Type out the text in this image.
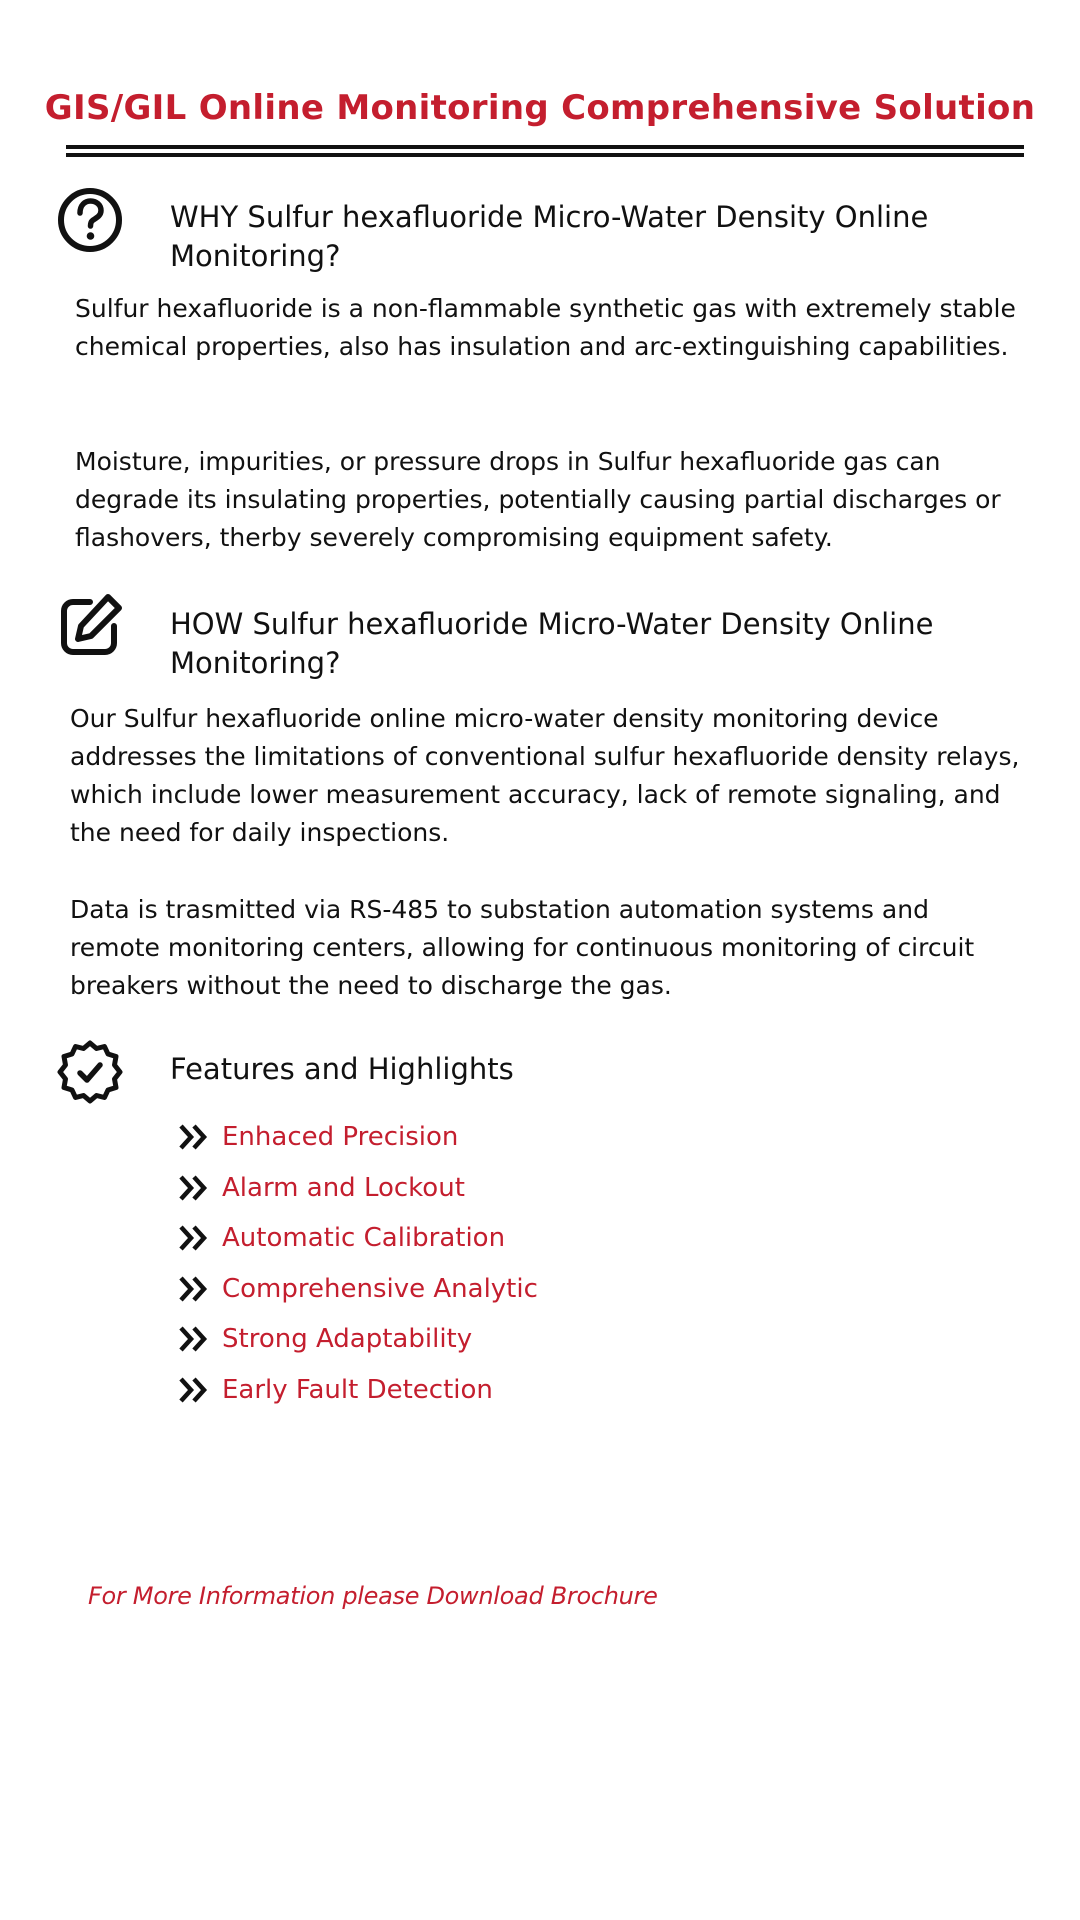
GIS/GIL Online Monitoring Comprehensive Solution
WHY Sulfur hexafluoride Micro-Water Density Online Monitoring?

Sulfur hexafluoride is a non-flammable synthetic gas with extremely stable chemical properties, also has insulation and arc-extinguishing capabilities.

Moisture, impurities, or pressure drops in Sulfur hexafluoride gas can degrade its insulating properties, potentially causing partial discharges or flashovers, therby severely compromising equipment safety.

HOW Sulfur hexafluoride Micro-Water Density Online Monitoring?

Our Sulfur hexafluoride online micro-water density monitoring device addresses the limitations of conventional sulfur hexafluoride density relays, which include lower measurement accuracy, lack of remote signaling, and the need for daily inspections.

Data is trasmitted via RS-485 to substation automation systems and remote monitoring centers, allowing for continuous monitoring of circuit breakers without the need to discharge the gas.

Features and Highlights
Enhaced Precision
Alarm and Lockout
Automatic Calibration
Comprehensive Analytic
Strong Adaptability
Early Fault Detection
For More Information please Download Brochure
